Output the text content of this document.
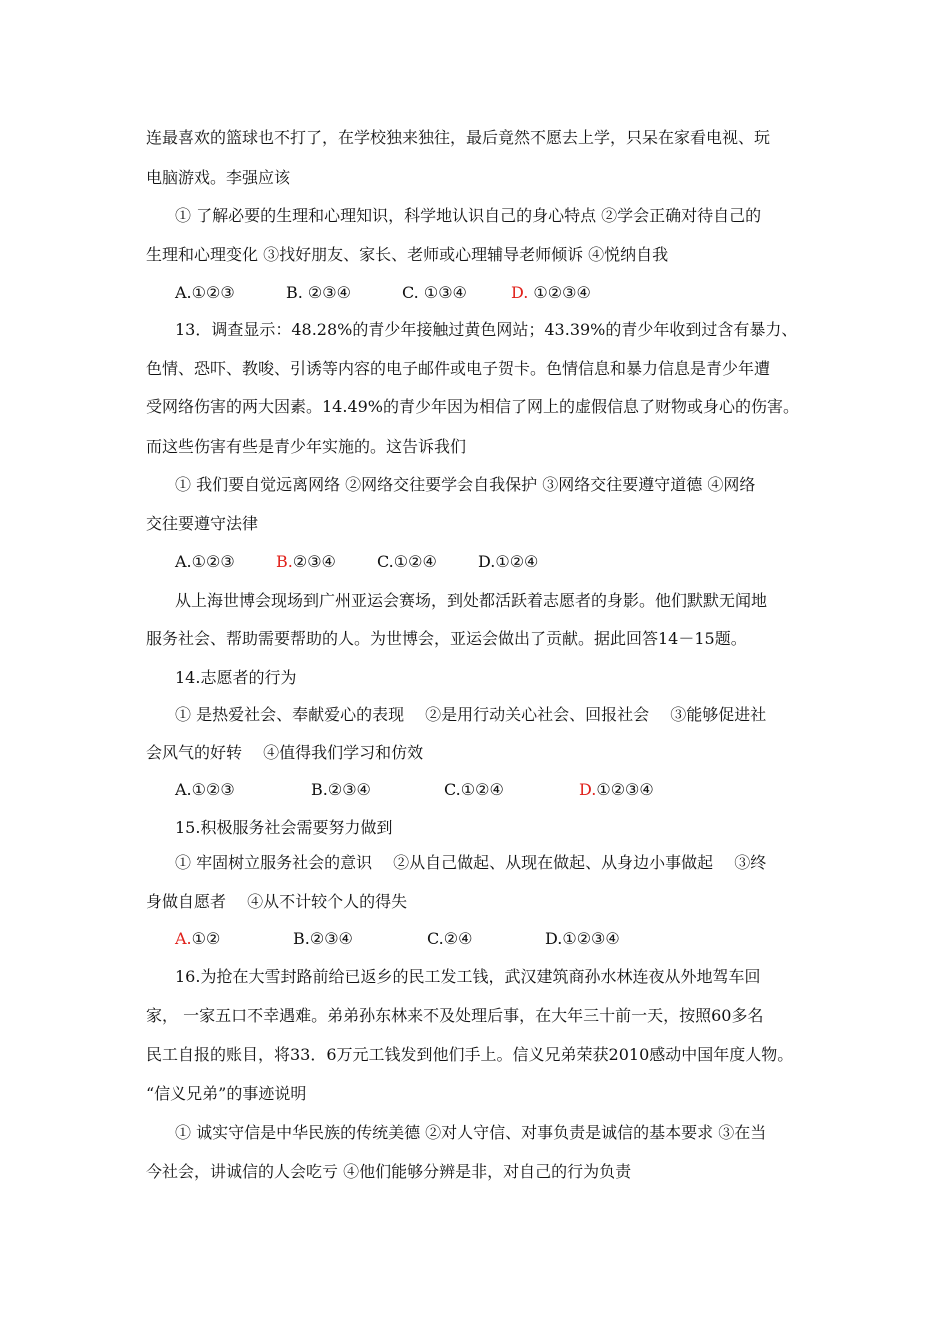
连最喜欢的篮球也不打了，在学校独来独往，最后竟然不愿去上学，只呆在家看电视、玩
电脑游戏。李强应该
① 了解必要的生理和心理知识，科学地认识自己的身心特点 ②学会正确对待自己的
生理和心理变化 ③找好朋友、家长、老师或心理辅导老师倾诉 ④悦纳自我
A.①②③	B. ②③④	C. ①③④	D. ①②③④
13．调查显示：48.28%的青少年接触过黄色网站；43.39%的青少年收到过含有暴力、
色情、恐吓、教唆、引诱等内容的电子邮件或电子贺卡。色情信息和暴力信息是青少年遭
受网络伤害的两大因素。14.49%的青少年因为相信了网上的虚假信息了财物或身心的伤害。
而这些伤害有些是青少年实施的。这告诉我们
① 我们要自觉远离网络 ②网络交往要学会自我保护 ③网络交往要遵守道德 ④网络
交往要遵守法律
A.①②③	B.②③④	C.①②④	D.①②④
从上海世博会现场到广州亚运会赛场，到处都活跃着志愿者的身影。他们默默无闻地
服务社会、帮助需要帮助的人。为世博会，亚运会做出了贡献。据此回答14－15题。
14.志愿者的行为
① 是热爱社会、奉献爱心的表现　 ②是用行动关心社会、回报社会　 ③能够促进社
会风气的好转　 ④值得我们学习和仿效
A.①②③	B.②③④	C.①②④	D.①②③④
15.积极服务社会需要努力做到
① 牢固树立服务社会的意识　 ②从自己做起、从现在做起、从身边小事做起　 ③终
身做自愿者　 ④从不计较个人的得失
A.①②	B.②③④	C.②④	D.①②③④
16.为抢在大雪封路前给已返乡的民工发工钱，武汉建筑商孙水林连夜从外地驾车回
家， 一家五口不幸遇难。弟弟孙东林来不及处理后事，在大年三十前一天，按照60多名
民工自报的账目，将33．6万元工钱发到他们手上。信义兄弟荣获2010感动中国年度人物。
“信义兄弟”的事迹说明
① 诚实守信是中华民族的传统美德 ②对人守信、对事负责是诚信的基本要求 ③在当
今社会，讲诚信的人会吃亏 ④他们能够分辨是非，对自己的行为负责
